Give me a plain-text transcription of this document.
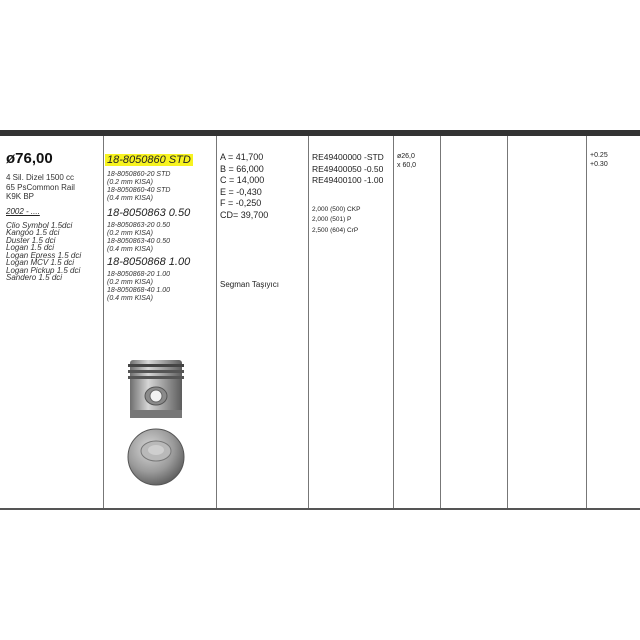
ø76,00
4 Sil. Dizel 1500 cc
65 PsCommon Rail
K9K BP
2002 - ....
Clio Symbol 1.5dci
Kangoo 1.5 dci
Duster 1.5 dci
Logan 1.5 dci
Logan Epress 1.5 dci
Logan MCV 1.5 dci
Logan Pickup 1.5 dci
Sandero 1.5 dci
18-8050860 STD
18-8050860-20 STD
(0.2 mm KISA)
18-8050860-40 STD
(0.4 mm KISA)
18-8050863 0.50
18-8050863-20 0.50
(0.2 mm KISA)
18-8050863-40 0.50
(0.4 mm KISA)
18-8050868 1.00
18-8050868-20 1.00
(0.2 mm KISA)
18-8050868-40 1.00
(0.4 mm KISA)
A = 41,700
B = 66,000
C = 14,000
E = -0,430
F = -0,250
CD= 39,700
Segman Taşıyıcı
RE49400000 -STD
RE49400050 -0.50
RE49400100 -1.00
2,000 (500) CKP
2,000 (501) P
2,500 (604) CrP
ø26,0
x 60,0
+0.25
+0.30
